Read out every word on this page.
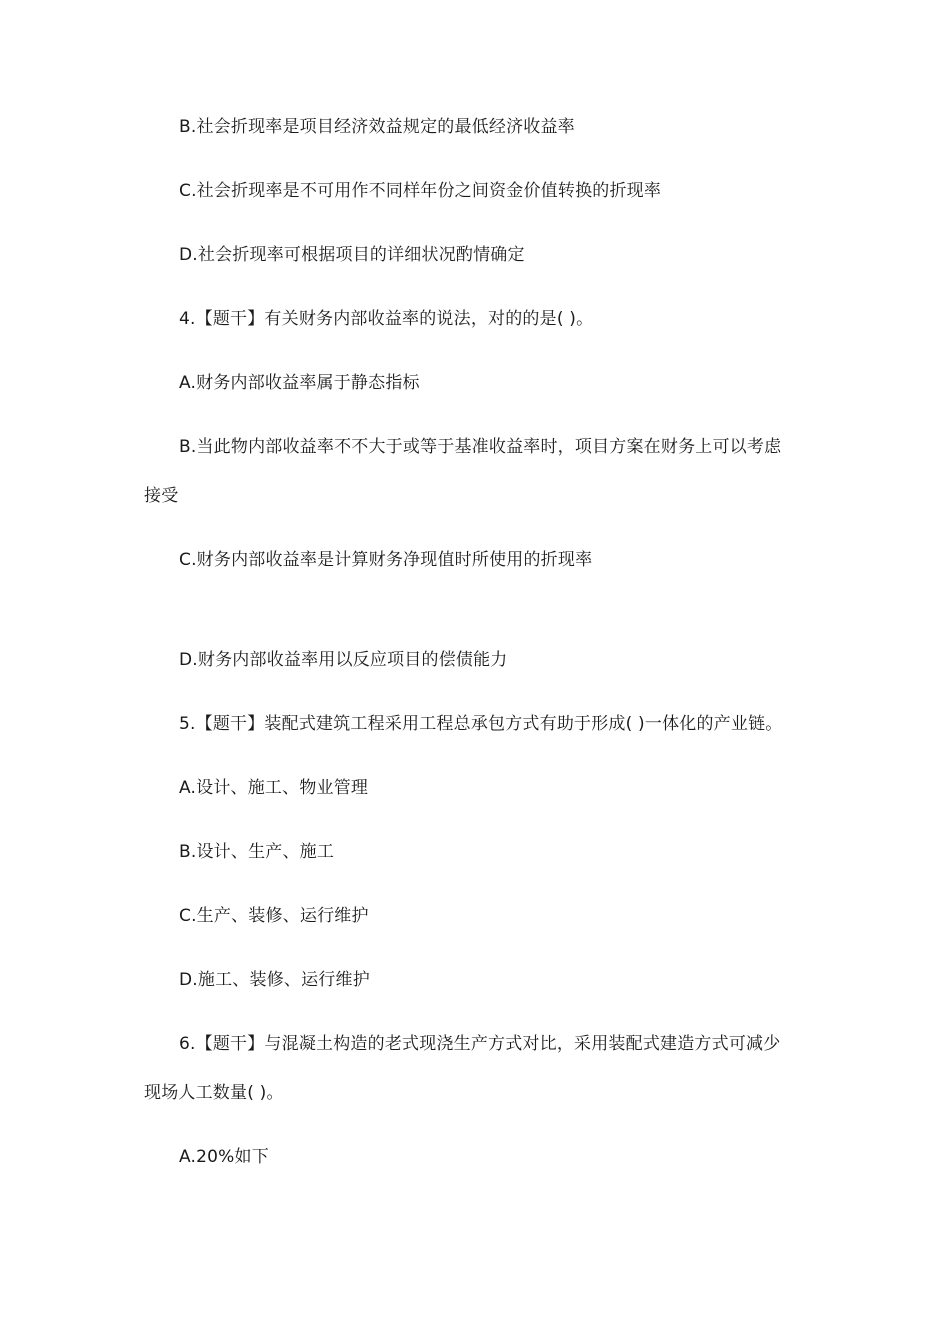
B.社会折现率是项目经济效益规定的最低经济收益率
C.社会折现率是不可用作不同样年份之间资金价值转换的折现率
D.社会折现率可根据项目的详细状况酌情确定
4.【题干】有关财务内部收益率的说法，对的的是( )。
A.财务内部收益率属于静态指标
B.当此物内部收益率不不大于或等于基准收益率时，项目方案在财务上可以考虑
接受
C.财务内部收益率是计算财务净现值时所使用的折现率
D.财务内部收益率用以反应项目的偿债能力
5.【题干】装配式建筑工程采用工程总承包方式有助于形成( )一体化的产业链。
A.设计、施工、物业管理
B.设计、生产、施工
C.生产、装修、运行维护
D.施工、装修、运行维护
6.【题干】与混凝土构造的老式现浇生产方式对比，采用装配式建造方式可减少
现场人工数量( )。
A.20%如下
